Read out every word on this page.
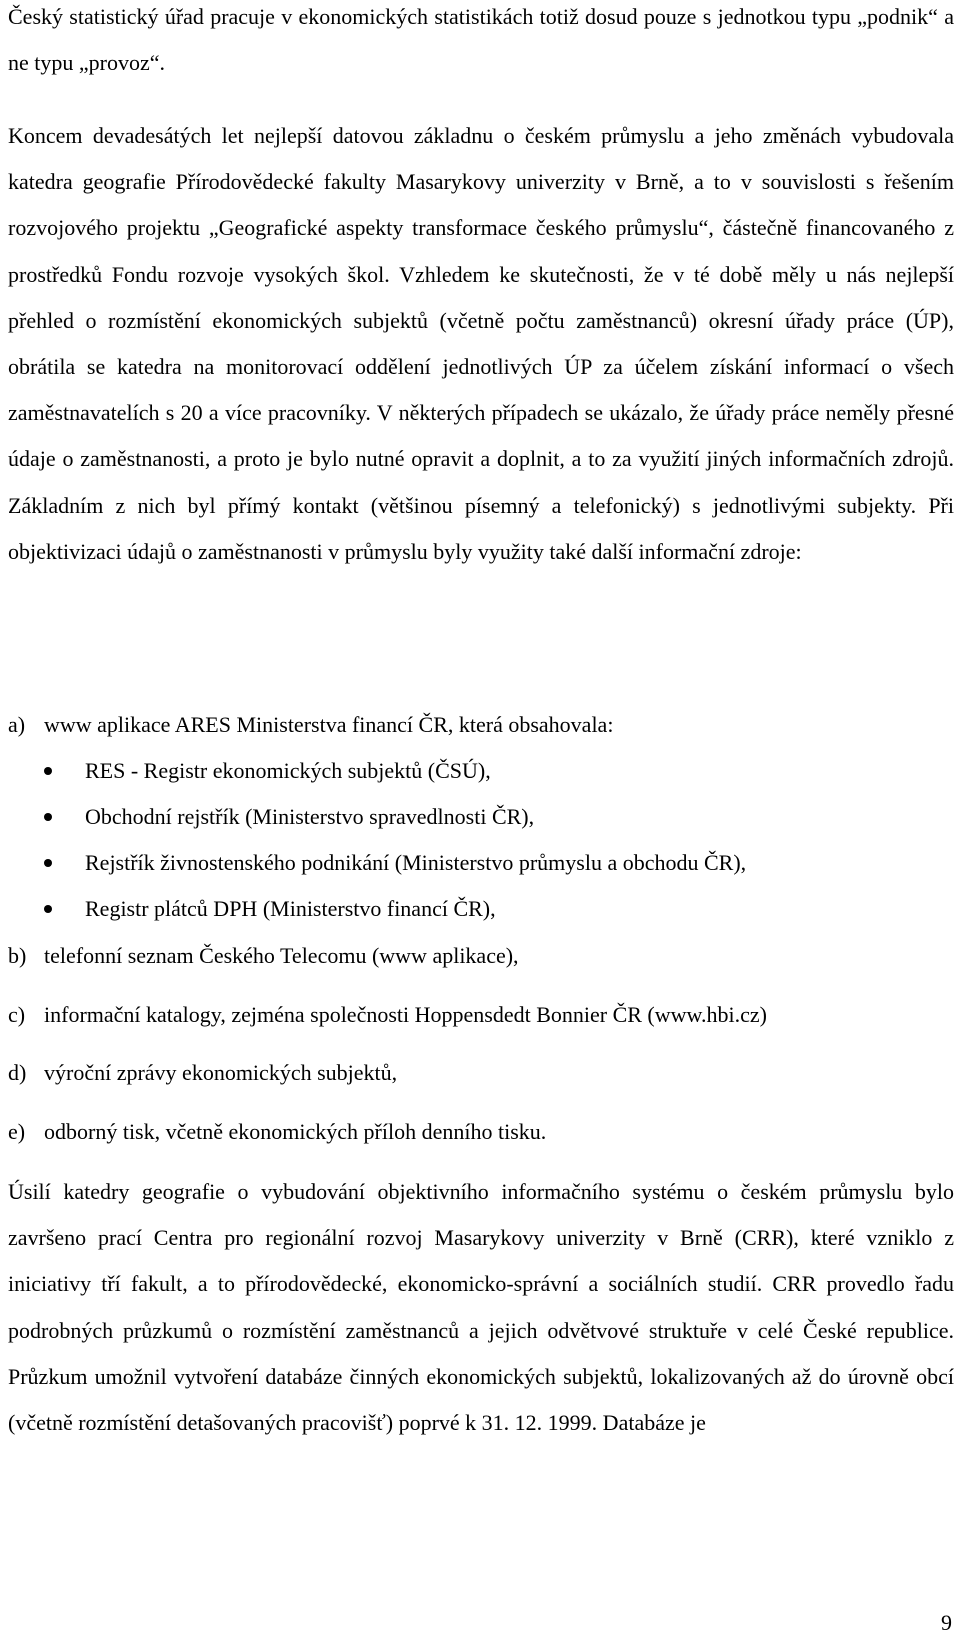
Český statistický úřad pracuje v ekonomických statistikách totiž dosud pouze s jednotkou typu „podnik“ a ne typu „provoz“.

Koncem devadesátých let nejlepší datovou základnu o českém průmyslu a jeho změnách vybudovala katedra geografie Přírodovědecké fakulty Masarykovy univerzity v Brně, a to v souvislosti s řešením rozvojového projektu „Geografické aspekty transformace českého průmyslu“, částečně financovaného z prostředků Fondu rozvoje vysokých škol. Vzhledem ke skutečnosti, že v té době měly u nás nejlepší přehled o rozmístění ekonomických subjektů (včetně počtu zaměstnanců) okresní úřady práce (ÚP), obrátila se katedra na monitorovací oddělení jednotlivých ÚP za účelem získání informací o všech zaměstnavatelích s 20 a více pracovníky. V některých případech se ukázalo, že úřady práce neměly přesné údaje o zaměstnanosti, a proto je bylo nutné opravit a doplnit, a to za využití jiných informačních zdrojů. Základním z nich byl přímý kontakt (většinou písemný a telefonický) s jednotlivými subjekty. Při objektivizaci údajů o zaměstnanosti v průmyslu byly využity také další informační zdroje:

a) www aplikace ARES Ministerstva financí ČR, která obsahovala:
RES - Registr ekonomických subjektů (ČSÚ),
Obchodní rejstřík (Ministerstvo spravedlnosti ČR),
Rejstřík živnostenského podnikání (Ministerstvo průmyslu a obchodu ČR),
Registr plátců DPH (Ministerstvo financí ČR),
b) telefonní seznam Českého Telecomu (www aplikace),
c) informační katalogy, zejména společnosti Hoppensdedt Bonnier ČR (www.hbi.cz)
d) výroční zprávy ekonomických subjektů,
e) odborný tisk, včetně ekonomických příloh denního tisku.

Úsilí katedry geografie o vybudování objektivního informačního systému o českém průmyslu bylo završeno prací Centra pro regionální rozvoj Masarykovy univerzity v Brně (CRR), které vzniklo z iniciativy tří fakult, a to přírodovědecké, ekonomicko-správní a sociálních studií. CRR provedlo řadu podrobných průzkumů o rozmístění zaměstnanců a jejich odvětvové struktuře v celé České republice. Průzkum umožnil vytvoření databáze činných ekonomických subjektů, lokalizovaných až do úrovně obcí (včetně rozmístění detašovaných pracovišť) poprvé k 31. 12. 1999. Databáze je

9
